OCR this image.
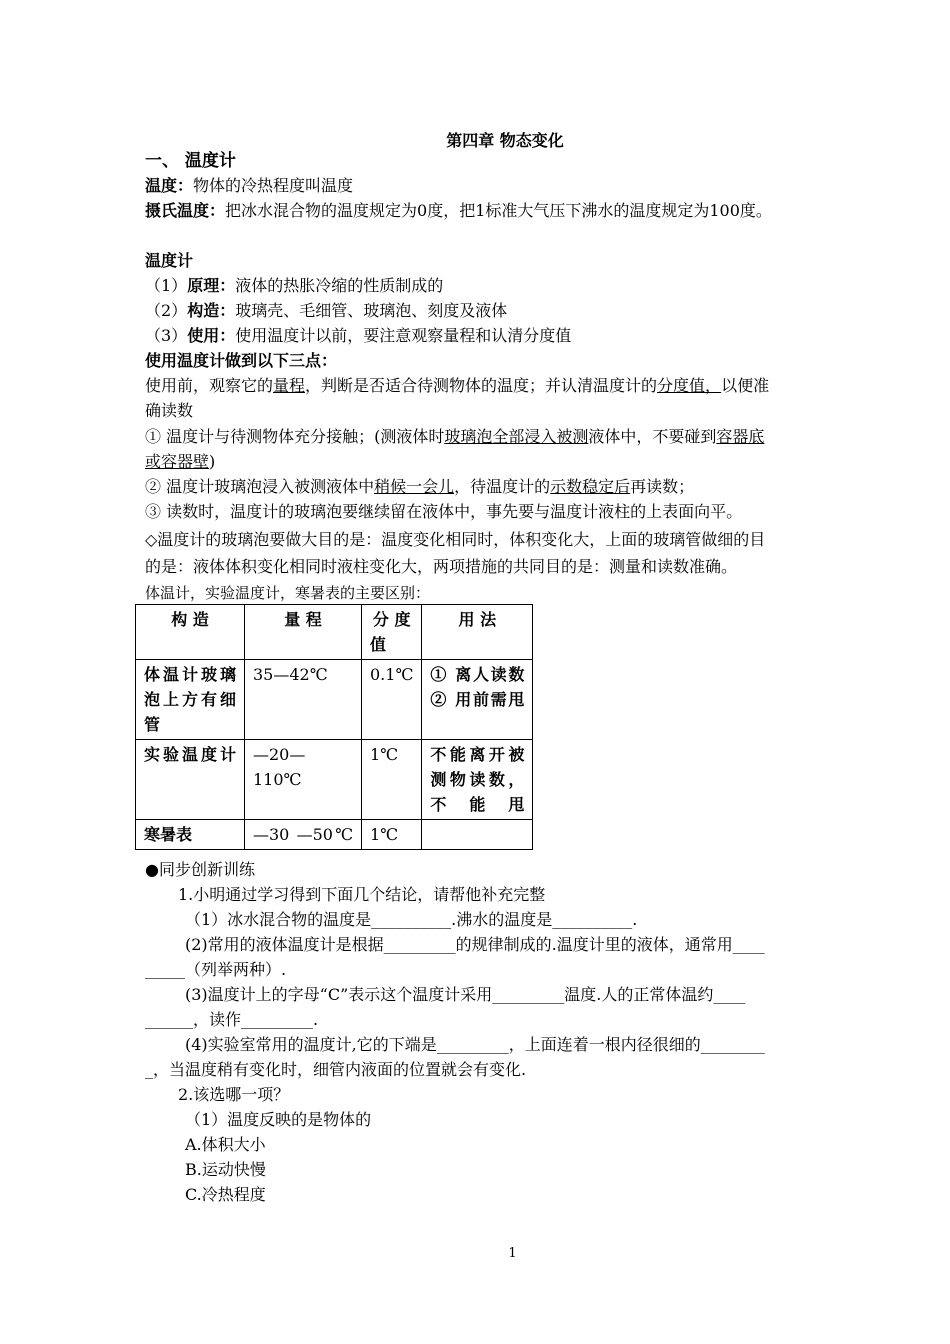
第四章 物态变化
一、 温度计
温度：物体的冷热程度叫温度
摄氏温度：把冰水混合物的温度规定为0度，把1标准大气压下沸水的温度规定为100度。
温度计
（1）原理：液体的热胀冷缩的性质制成的
（2）构造：玻璃壳、毛细管、玻璃泡、刻度及液体
（3）使用：使用温度计以前，要注意观察量程和认清分度值
使用温度计做到以下三点：
使用前，观察它的量程，判断是否适合待测物体的温度；并认清温度计的分度值，以便准
确读数
① 温度计与待测物体充分接触；(测液体时玻璃泡全部浸入被测液体中，不要碰到容器底
或容器壁)
② 温度计玻璃泡浸入被测液体中稍候一会儿，待温度计的示数稳定后再读数；
③ 读数时，温度计的玻璃泡要继续留在液体中，事先要与温度计液柱的上表面向平。
◇温度计的玻璃泡要做大目的是：温度变化相同时，体积变化大，上面的玻璃管做细的目
的是：液体体积变化相同时液柱变化大，两项措施的共同目的是：测量和读数准确。
体温计，实验温度计，寒暑表的主要区别：
构 造	量 程	分 度 值	用 法
体温计玻璃泡上方有细管	35—42℃	0.1℃	① 离人读数② 用前需甩
实验温度计	—20—110℃	1℃	不能离开被测物读数，不能甩
寒暑表	—30 —50℃	1℃	
●同步创新训练
1.小明通过学习得到下面几个结论，请帮他补充完整
（1）冰水混合物的温度是__________.沸水的温度是__________.
(2)常用的液体温度计是根据_________的规律制成的.温度计里的液体，通常用____
_____（列举两种）.
(3)温度计上的字母“C”表示这个温度计采用_________温度.人的正常体温约____
______，读作_________.
(4)实验室常用的温度计,它的下端是_________，上面连着一根内径很细的________
_，当温度稍有变化时，细管内液面的位置就会有变化.
2.该选哪一项？
（1）温度反映的是物体的
A.体积大小
B.运动快慢
C.冷热程度
1
